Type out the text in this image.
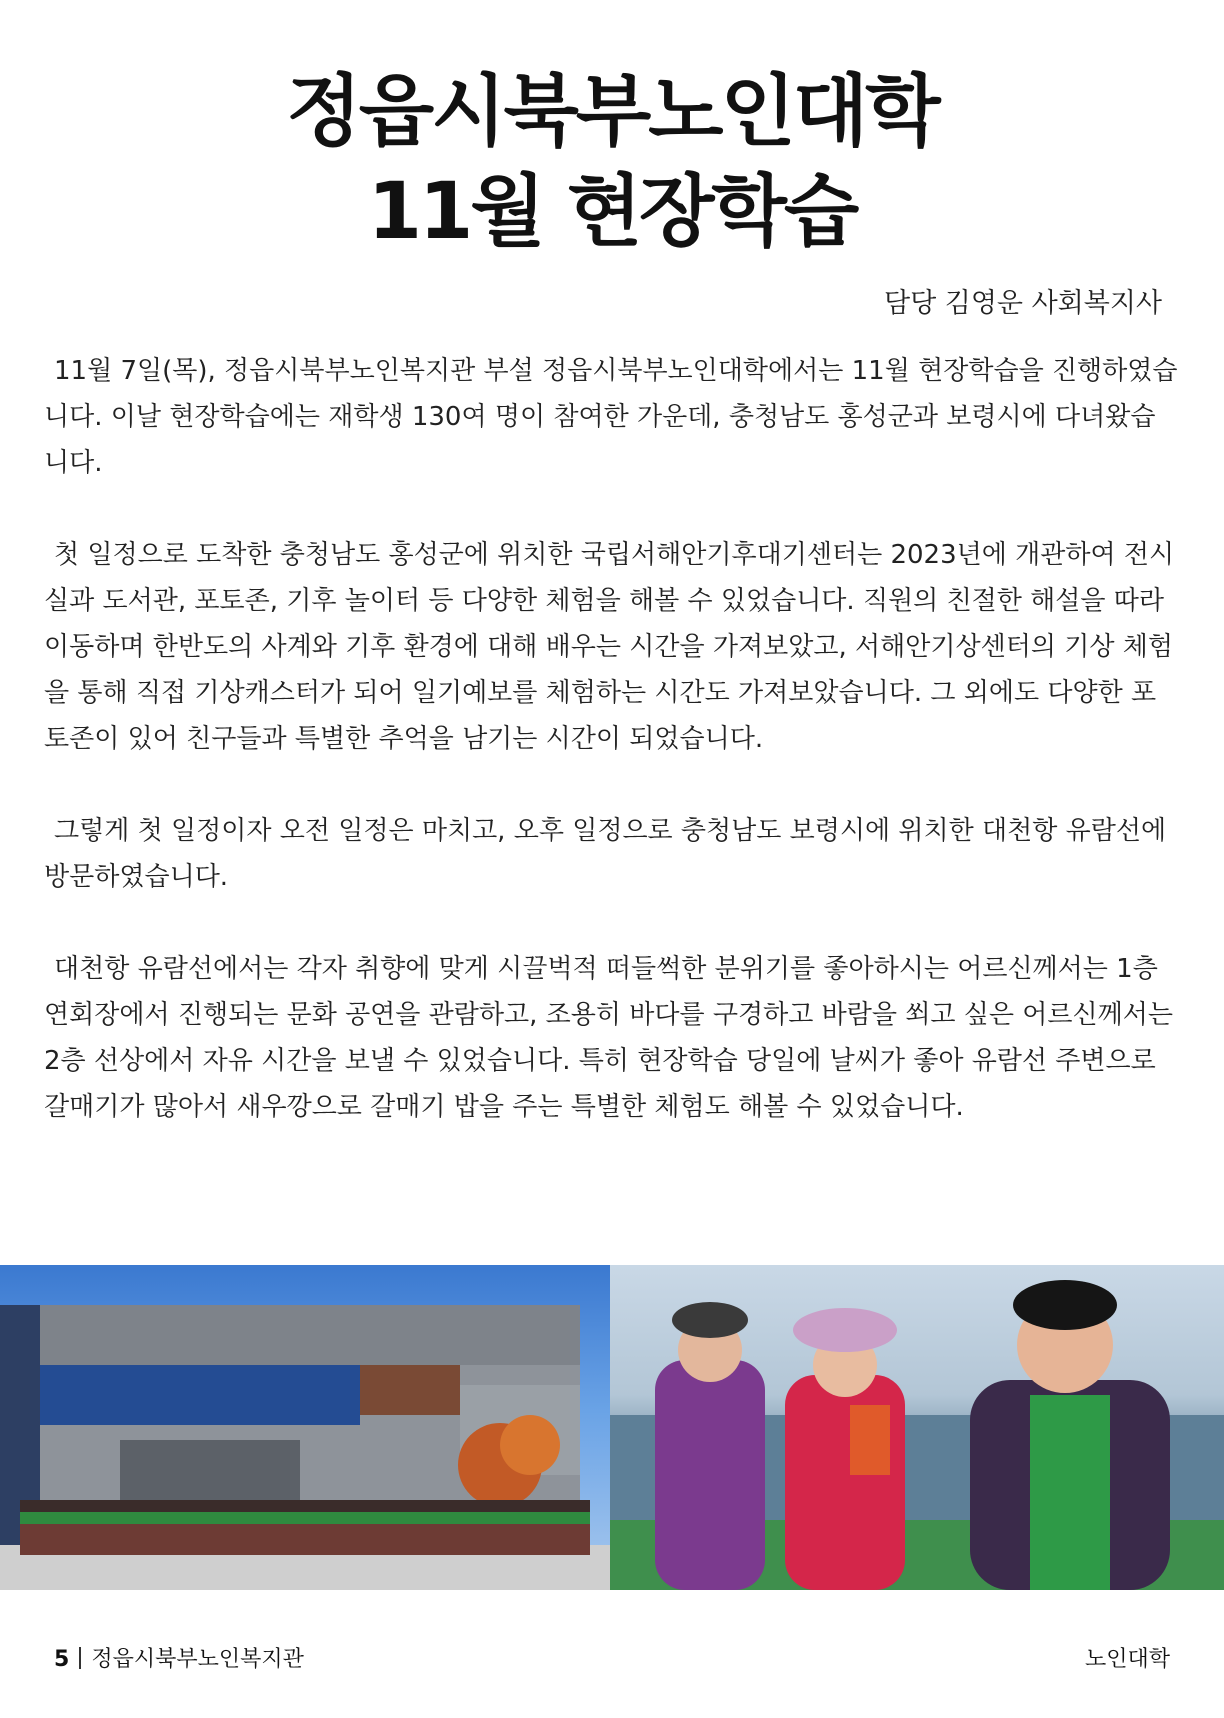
정읍시북부노인대학
11월 현장학습
담당 김영운 사회복지사

11월 7일(목), 정읍시북부노인복지관 부설 정읍시북부노인대학에서는 11월 현장학습을 진행하였습니다. 이날 현장학습에는 재학생 130여 명이 참여한 가운데, 충청남도 홍성군과 보령시에 다녀왔습니다.

첫 일정으로 도착한 충청남도 홍성군에 위치한 국립서해안기후대기센터는 2023년에 개관하여 전시실과 도서관, 포토존, 기후 놀이터 등 다양한 체험을 해볼 수 있었습니다. 직원의 친절한 해설을 따라 이동하며 한반도의 사계와 기후 환경에 대해 배우는 시간을 가져보았고, 서해안기상센터의 기상 체험을 통해 직접 기상캐스터가 되어 일기예보를 체험하는 시간도 가져보았습니다. 그 외에도 다양한 포토존이 있어 친구들과 특별한 추억을 남기는 시간이 되었습니다.

그렇게 첫 일정이자 오전 일정은 마치고, 오후 일정으로 충청남도 보령시에 위치한 대천항 유람선에 방문하였습니다.

대천항 유람선에서는 각자 취향에 맞게 시끌벅적 떠들썩한 분위기를 좋아하시는 어르신께서는 1층 연회장에서 진행되는 문화 공연을 관람하고, 조용히 바다를 구경하고 바람을 쐬고 싶은 어르신께서는 2층 선상에서 자유 시간을 보낼 수 있었습니다. 특히 현장학습 당일에 날씨가 좋아 유람선 주변으로 갈매기가 많아서 새우깡으로 갈매기 밥을 주는 특별한 체험도 해볼 수 있었습니다.

5 정읍시북부노인복지관	노인대학
